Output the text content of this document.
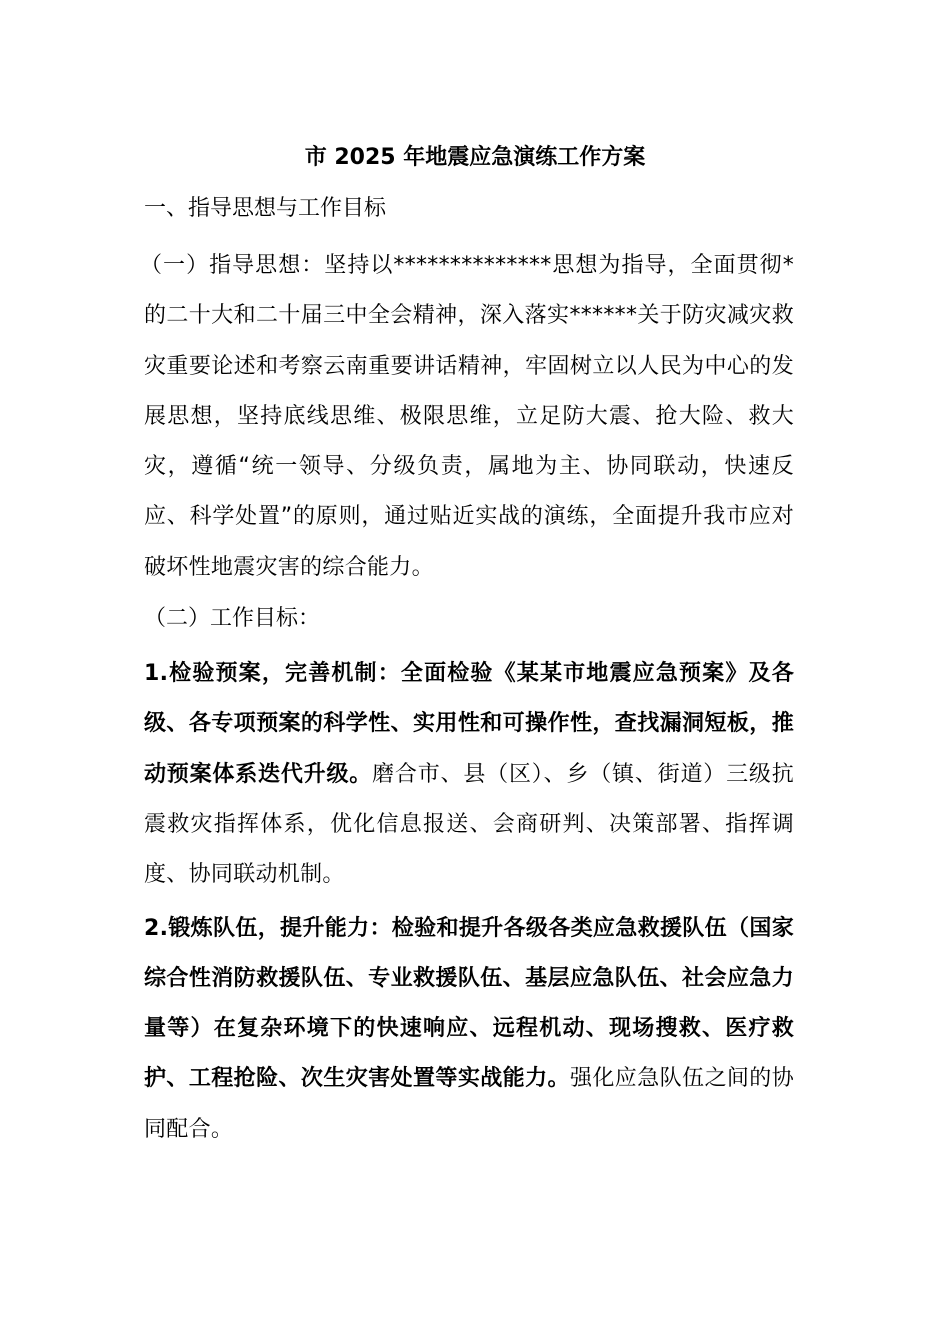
市 2025 年地震应急演练工作方案
一、指导思想与工作目标
（一）指导思想：坚持以**************思想为指导，全面贯彻*的二十大和二十届三中全会精神，深入落实******关于防灾减灾救灾重要论述和考察云南重要讲话精神，牢固树立以人民为中心的发展思想，坚持底线思维、极限思维，立足防大震、抢大险、救大灾，遵循“统一领导、分级负责，属地为主、协同联动，快速反应、科学处置”的原则，通过贴近实战的演练，全面提升我市应对破坏性地震灾害的综合能力。
（二）工作目标：
1.检验预案，完善机制：全面检验《某某市地震应急预案》及各级、各专项预案的科学性、实用性和可操作性，查找漏洞短板，推动预案体系迭代升级。磨合市、县（区）、乡（镇、街道）三级抗震救灾指挥体系，优化信息报送、会商研判、决策部署、指挥调度、协同联动机制。
2.锻炼队伍，提升能力：检验和提升各级各类应急救援队伍（国家综合性消防救援队伍、专业救援队伍、基层应急队伍、社会应急力量等）在复杂环境下的快速响应、远程机动、现场搜救、医疗救护、工程抢险、次生灾害处置等实战能力。强化应急队伍之间的协同配合。
